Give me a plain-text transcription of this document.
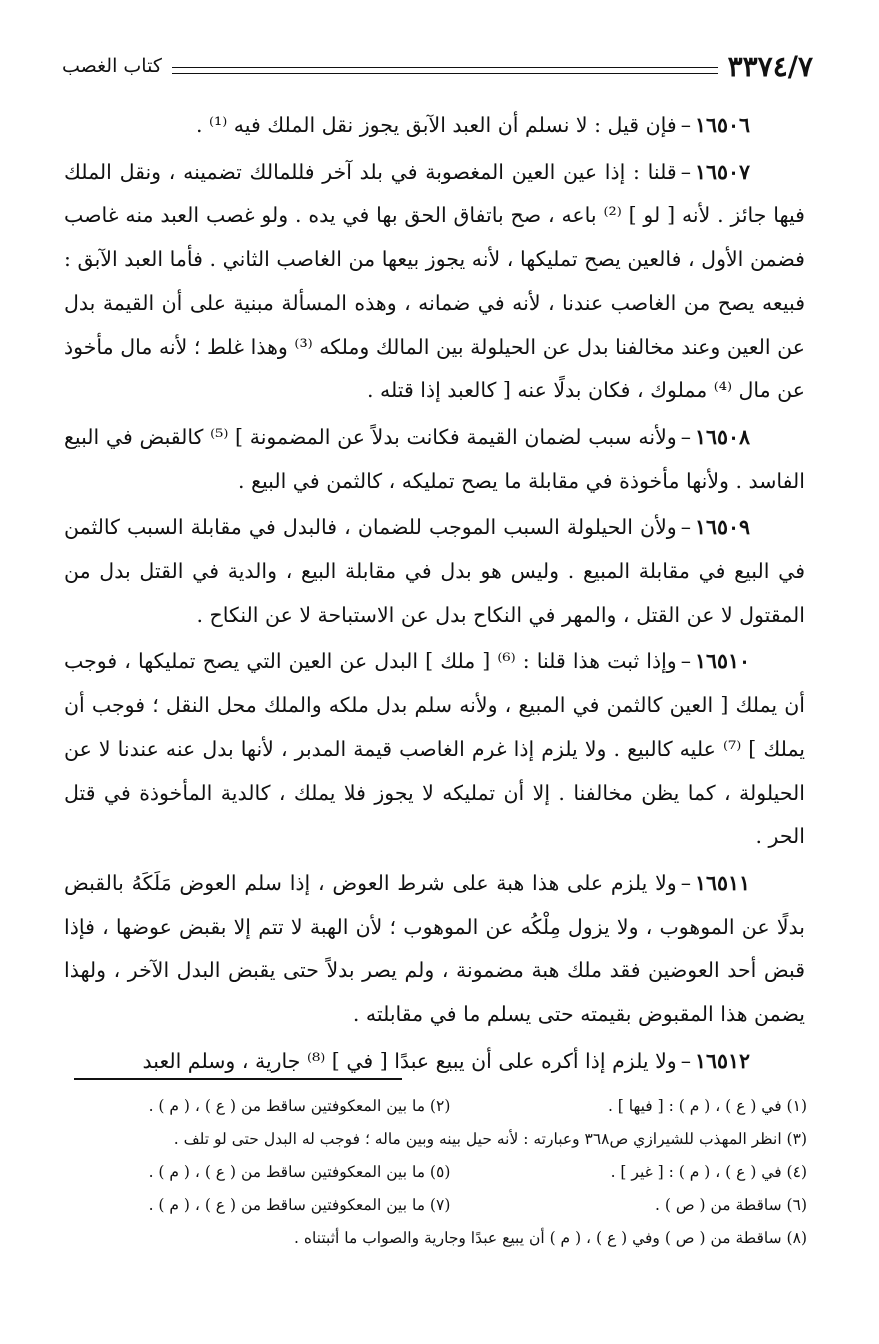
٣٣٧٤/٧
كتاب الغصب

١٦٥٠٦–فإن قيل : لا نسلم أن العبد الآبق يجوز نقل الملك فيه ⁽¹⁾ .

١٦٥٠٧–قلنا : إذا عين العين المغصوبة في بلد آخر فللمالك تضمينه ، ونقل الملك فيها جائز . لأنه [ لو ] ⁽²⁾ باعه ، صح باتفاق الحق بها في يده . ولو غصب العبد منه غاصب فضمن الأول ، فالعين يصح تمليكها ، لأنه يجوز بيعها من الغاصب الثاني . فأما العبد الآبق : فبيعه يصح من الغاصب عندنا ، لأنه في ضمانه ، وهذه المسألة مبنية على أن القيمة بدل عن العين وعند مخالفنا بدل عن الحيلولة بين المالك وملكه ⁽³⁾ وهذا غلط ؛ لأنه مال مأخوذ عن مال ⁽⁴⁾ مملوك ، فكان بدلًا عنه [ كالعبد إذا قتله .

١٦٥٠٨–ولأنه سبب لضمان القيمة فكانت بدلاً عن المضمونة ] ⁽⁵⁾ كالقبض في البيع الفاسد . ولأنها مأخوذة في مقابلة ما يصح تمليكه ، كالثمن في البيع .

١٦٥٠٩–ولأن الحيلولة السبب الموجب للضمان ، فالبدل في مقابلة السبب كالثمن في البيع في مقابلة المبيع . وليس هو بدل في مقابلة البيع ، والدية في القتل بدل من المقتول لا عن القتل ، والمهر في النكاح بدل عن الاستباحة لا عن النكاح .

١٦٥١٠–وإذا ثبت هذا قلنا : ⁽⁶⁾ [ ملك ] البدل عن العين التي يصح تمليكها ، فوجب أن يملك [ العين كالثمن في المبيع ، ولأنه سلم بدل ملكه والملك محل النقل ؛ فوجب أن يملك ] ⁽⁷⁾ عليه كالبيع . ولا يلزم إذا غرم الغاصب قيمة المدبر ، لأنها بدل عنه عندنا لا عن الحيلولة ، كما يظن مخالفنا . إلا أن تمليكه لا يجوز فلا يملك ، كالدية المأخوذة في قتل الحر .

١٦٥١١–ولا يلزم على هذا هبة على شرط العوض ، إذا سلم العوض مَلَكَهُ بالقبض بدلًا عن الموهوب ، ولا يزول مِلْكُه عن الموهوب ؛ لأن الهبة لا تتم إلا بقبض عوضها ، فإذا قبض أحد العوضين فقد ملك هبة مضمونة ، ولم يصر بدلاً حتى يقبض البدل الآخر ، ولهذا يضمن هذا المقبوض بقيمته حتى يسلم ما في مقابلته .

١٦٥١٢–ولا يلزم إذا أكره على أن يبيع عبدًا [ في ] ⁽⁸⁾ جارية ، وسلم العبد

(١) في ( ع ) ، ( م ) : [ فيها ] .
(٢) ما بين المعكوفتين ساقط من ( ع ) ، ( م ) .
(٣) انظر المهذب للشيرازي ص٣٦٨ وعبارته : لأنه حيل بينه وبين ماله ؛ فوجب له البدل حتى لو تلف .
(٤) في ( ع ) ، ( م ) : [ غير ] .
(٥) ما بين المعكوفتين ساقط من ( ع ) ، ( م ) .
(٦) ساقطة من ( ص ) .
(٧) ما بين المعكوفتين ساقط من ( ع ) ، ( م ) .
(٨) ساقطة من ( ص ) وفي ( ع ) ، ( م ) أن يبيع عبدًا وجارية والصواب ما أثبتناه .
